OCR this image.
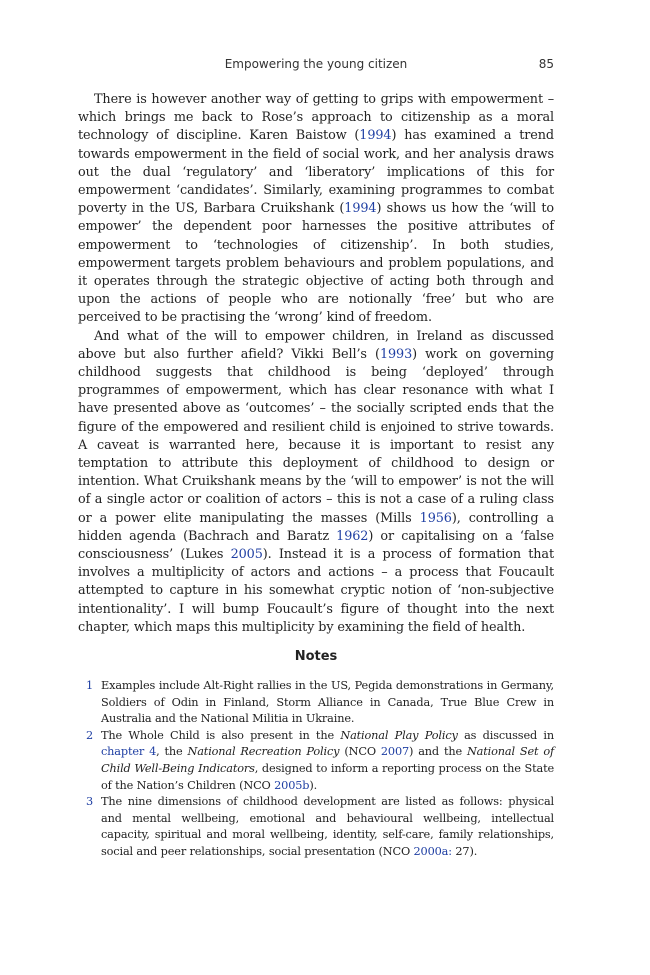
Empowering the young citizen	85

There is however another way of getting to grips with empowerment – which brings me back to Rose’s approach to citizenship as a moral technology of discipline. Karen Baistow (1994) has examined a trend towards empowerment in the field of social work, and her analysis draws out the dual ‘regulatory’ and ‘liberatory’ implications of this for empowerment ‘candidates’. Similarly, examining programmes to combat poverty in the US, Barbara Cruikshank (1994) shows us how the ‘will to empower’ the dependent poor harnesses the positive attributes of empowerment to ‘technologies of citizenship’. In both studies, empowerment targets problem behaviours and problem populations, and it operates through the strategic objective of acting both through and upon the actions of people who are notionally ‘free’ but who are perceived to be practising the ‘wrong’ kind of freedom.

And what of the will to empower children, in Ireland as discussed above but also further afield? Vikki Bell’s (1993) work on governing childhood suggests that childhood is being ‘deployed’ through programmes of empowerment, which has clear resonance with what I have presented above as ‘outcomes’ – the socially scripted ends that the figure of the empowered and resilient child is enjoined to strive towards. A caveat is warranted here, because it is important to resist any temptation to attribute this deployment of childhood to design or intention. What Cruikshank means by the ‘will to empower’ is not the will of a single actor or coalition of actors – this is not a case of a ruling class or a power elite manipulating the masses (Mills 1956), controlling a hidden agenda (Bachrach and Baratz 1962) or capitalising on a ‘false consciousness’ (Lukes 2005). Instead it is a process of formation that involves a multiplicity of actors and actions – a process that Foucault attempted to capture in his somewhat cryptic notion of ‘non-subjective intentionality’. I will bump Foucault’s figure of thought into the next chapter, which maps this multiplicity by examining the field of health.

Notes
1 Examples include Alt-Right rallies in the US, Pegida demonstrations in Germany, Soldiers of Odin in Finland, Storm Alliance in Canada, True Blue Crew in Australia and the National Militia in Ukraine.
2 The Whole Child is also present in the National Play Policy as discussed in chapter 4, the National Recreation Policy (NCO 2007) and the National Set of Child Well-Being Indicators, designed to inform a reporting process on the State of the Nation’s Children (NCO 2005b).
3 The nine dimensions of childhood development are listed as follows: physical and mental wellbeing, emotional and behavioural wellbeing, intellectual capacity, spiritual and moral wellbeing, identity, self-care, family relationships, social and peer relationships, social presentation (NCO 2000a: 27).
